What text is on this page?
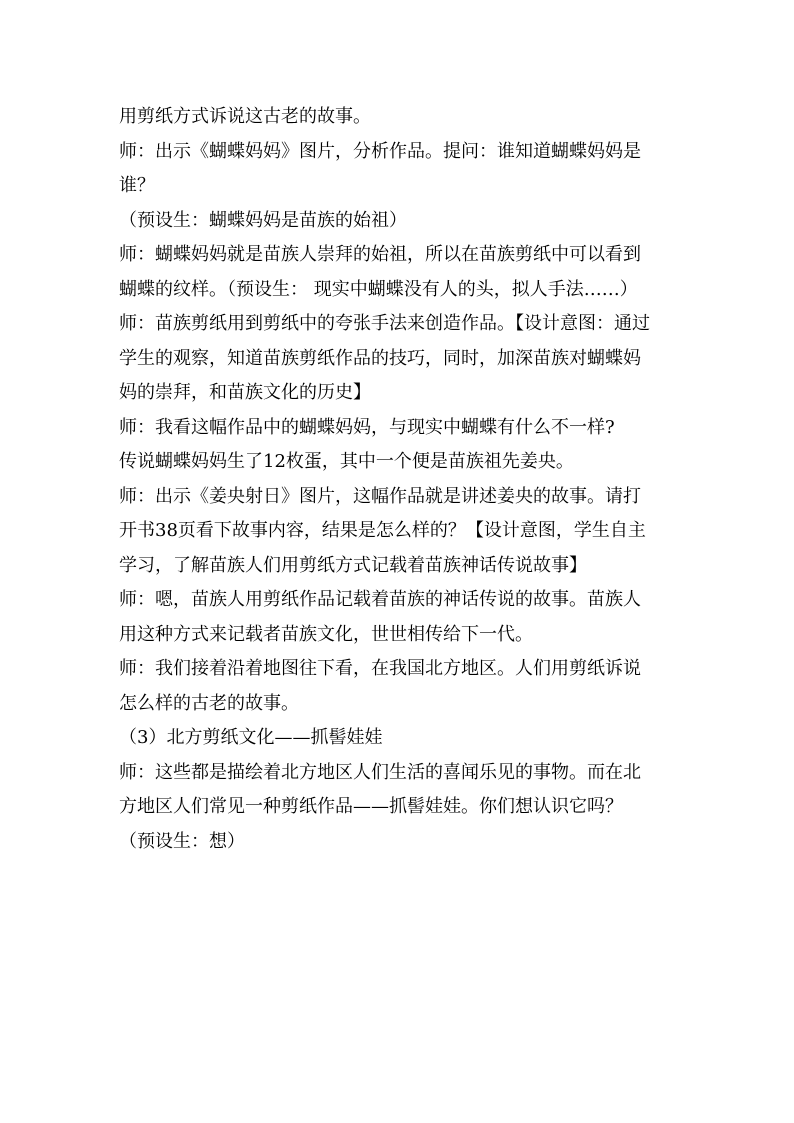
用剪纸方式诉说这古老的故事。
师：出示《蝴蝶妈妈》图片，分析作品。提问：谁知道蝴蝶妈妈是
谁？
（预设生：蝴蝶妈妈是苗族的始祖）
师：蝴蝶妈妈就是苗族人崇拜的始祖，所以在苗族剪纸中可以看到
蝴蝶的纹样。（预设生： 现实中蝴蝶没有人的头，拟人手法……）
师：苗族剪纸用到剪纸中的夸张手法来创造作品。【设计意图：通过
学生的观察，知道苗族剪纸作品的技巧，同时，加深苗族对蝴蝶妈
妈的崇拜，和苗族文化的历史】
师：我看这幅作品中的蝴蝶妈妈，与现实中蝴蝶有什么不一样?
传说蝴蝶妈妈生了12枚蛋，其中一个便是苗族祖先姜央。
师：出示《姜央射日》图片，这幅作品就是讲述姜央的故事。请打
开书38页看下故事内容，结果是怎么样的？【设计意图，学生自主
学习，了解苗族人们用剪纸方式记载着苗族神话传说故事】
师：嗯，苗族人用剪纸作品记载着苗族的神话传说的故事。苗族人
用这种方式来记载者苗族文化，世世相传给下一代。
师：我们接着沿着地图往下看，在我国北方地区。人们用剪纸诉说
怎么样的古老的故事。
（3）北方剪纸文化——抓髻娃娃
师：这些都是描绘着北方地区人们生活的喜闻乐见的事物。而在北
方地区人们常见一种剪纸作品——抓髻娃娃。你们想认识它吗？
（预设生：想）
